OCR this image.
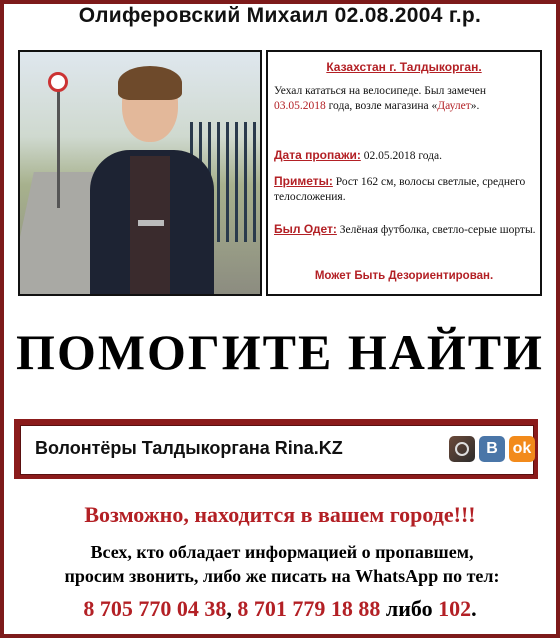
Олиферовский Михаил 02.08.2004 г.р.
Казахстан г. Талдыкорган.
Уехал кататься на велосипеде. Был замечен 03.05.2018 года, возле магазина «Даулет».
Дата пропажи: 02.05.2018 года.
Приметы: Рост 162 см, волосы светлые, среднего телосложения.
Был Одет: Зелёная футболка, светло-серые шорты.
Может Быть Дезориентирован.
ПОМОГИТЕ НАЙТИ
Волонтёры Талдыкоргана Rina.KZ	B ok
Возможно, находится в вашем городе!!!
Всех, кто обладает информацией о пропавшем,
просим звонить, либо же писать на WhatsApp по тел:
8 705 770 04 38, 8 701 779 18 88 либо 102.
